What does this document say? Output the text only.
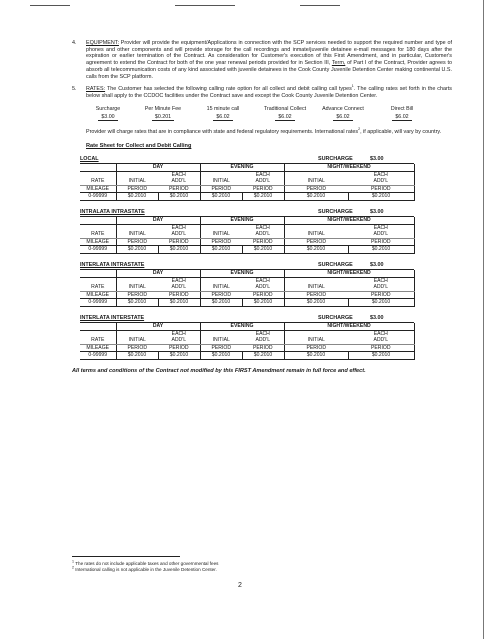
4. EQUIPMENT: Provider will provide the equipment/Applications in connection with the SCP services needed to support the required number and type of phones and other components and will provide storage for the call recordings and inmate/juvenile detainee e-mail messages for 180 days after the expiration or earlier termination of the Contract. As consideration for Customer's execution of this First Amendment, and in particular, Customer's agreement to extend the Contract for both of the one year renewal periods provided for in Section III, Term, of Part I of the Contract, Provider agrees to absorb all telecommunication costs of any kind associated with juvenile detainees in the Cook County Juvenile Detention Center making continental U.S. calls from the SCP platform.
5. RATES: The Customer has selected the following calling rate option for all collect and debit calling call types$^1$. The calling rates set forth in the charts below shall apply to the CCDOC facilities under the Contract save and except the Cook County Juvenile Detention Center.
Surcharge	Per Minute Fee	15 minute call	Traditional Collect	Advance Connect	Direct Bill
$3.00	$0.201	$6.02	$6.02	$6.02	$6.02
Provider will charge rates that are in compliance with state and federal regulatory requirements. International rates$^2$, if applicable, will vary by country.
Rate Sheet for Collect and Debit Calling
LOCAL	SURCHARGE	$3.00
	DAY		EVENING		NIGHT/WEEKEND	
		EACH		EACH		EACH
RATE	INITIAL	ADD'L	INITIAL	ADD'L	INITIAL	ADD'L
MILEAGE	PERIOD	PERIOD	PERIOD	PERIOD	PERIOD	PERIOD
0-99999	$0.2010	$0.2010	$0.2010	$0.2010	$0.2010	$0.2010
INTRALATA INTRASTATE	SURCHARGE	$3.00
	DAY		EVENING		NIGHT/WEEKEND	
		EACH		EACH		EACH
RATE	INITIAL	ADD'L	INITIAL	ADD'L	INITIAL	ADD'L
MILEAGE	PERIOD	PERIOD	PERIOD	PERIOD	PERIOD	PERIOD
0-99999	$0.2010	$0.2010	$0.2010	$0.2010	$0.2010	$0.2010
INTERLATA INTRASTATE	SURCHARGE	$3.00
	DAY		EVENING		NIGHT/WEEKEND	
		EACH		EACH		EACH
RATE	INITIAL	ADD'L	INITIAL	ADD'L	INITIAL	ADD'L
MILEAGE	PERIOD	PERIOD	PERIOD	PERIOD	PERIOD	PERIOD
0-99999	$0.2010	$0.2010	$0.2010	$0.2010	$0.2010	$0.2010
INTERLATA INTERSTATE	SURCHARGE	$3.00
	DAY		EVENING		NIGHT/WEEKEND	
		EACH		EACH		EACH
RATE	INITIAL	ADD'L	INITIAL	ADD'L	INITIAL	ADD'L
MILEAGE	PERIOD	PERIOD	PERIOD	PERIOD	PERIOD	PERIOD
0-99999	$0.2010	$0.2010	$0.2010	$0.2010	$0.2010	$0.2010
All terms and conditions of the Contract not modified by this FIRST Amendment remain in full force and effect.
$^1$ The rates do not include applicable taxes and other governmental fees
$^2$ International calling is not applicable in the Juvenile Detention Center.
2
